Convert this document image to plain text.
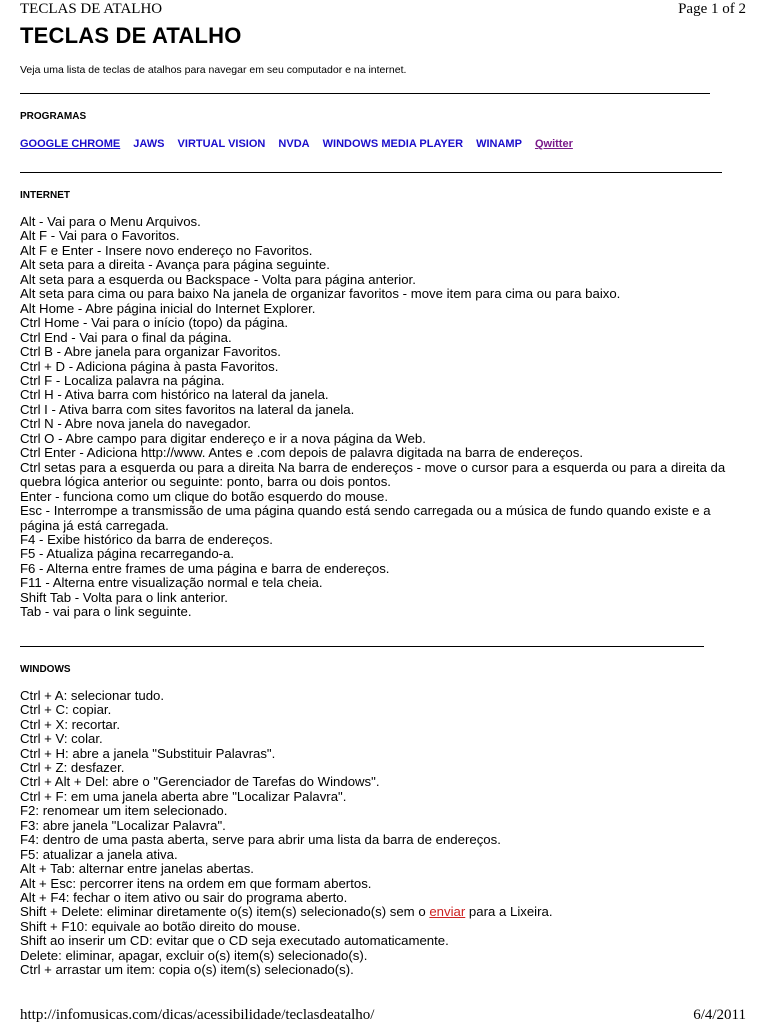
TECLAS DE ATALHO	Page 1 of 2
TECLAS DE ATALHO

Veja uma lista de teclas de atalhos para navegar em seu computador e na internet.

PROGRAMAS

GOOGLE CHROME JAWS VIRTUAL VISION NVDA WINDOWS MEDIA PLAYER WINAMP Qwitter

INTERNET

Alt - Vai para o Menu Arquivos.
Alt F - Vai para o Favoritos.
Alt F e Enter - Insere novo endereço no Favoritos.
Alt seta para a direita - Avança para página seguinte.
Alt seta para a esquerda ou Backspace - Volta para página anterior.
Alt seta para cima ou para baixo Na janela de organizar favoritos - move item para cima ou para baixo.
Alt Home - Abre página inicial do Internet Explorer.
Ctrl Home - Vai para o início (topo) da página.
Ctrl End - Vai para o final da página.
Ctrl B - Abre janela para organizar Favoritos.
Ctrl + D - Adiciona página à pasta Favoritos.
Ctrl F - Localiza palavra na página.
Ctrl H - Ativa barra com histórico na lateral da janela.
Ctrl I - Ativa barra com sites favoritos na lateral da janela.
Ctrl N - Abre nova janela do navegador.
Ctrl O - Abre campo para digitar endereço e ir a nova página da Web.
Ctrl Enter - Adiciona http://www. Antes e .com depois de palavra digitada na barra de endereços.
Ctrl setas para a esquerda ou para a direita Na barra de endereços - move o cursor para a esquerda ou para a direita da quebra lógica anterior ou seguinte: ponto, barra ou dois pontos.
Enter - funciona como um clique do botão esquerdo do mouse.
Esc - Interrompe a transmissão de uma página quando está sendo carregada ou a música de fundo quando existe e a página já está carregada.
F4 - Exibe histórico da barra de endereços.
F5 - Atualiza página recarregando-a.
F6 - Alterna entre frames de uma página e barra de endereços.
F11 - Alterna entre visualização normal e tela cheia.
Shift Tab - Volta para o link anterior.
Tab - vai para o link seguinte.

WINDOWS

Ctrl + A: selecionar tudo.
Ctrl + C: copiar.
Ctrl + X: recortar.
Ctrl + V: colar.
Ctrl + H: abre a janela "Substituir Palavras".
Ctrl + Z: desfazer.
Ctrl + Alt + Del: abre o "Gerenciador de Tarefas do Windows".
Ctrl + F: em uma janela aberta abre "Localizar Palavra".
F2: renomear um item selecionado.
F3: abre janela "Localizar Palavra".
F4: dentro de uma pasta aberta, serve para abrir uma lista da barra de endereços.
F5: atualizar a janela ativa.
Alt + Tab: alternar entre janelas abertas.
Alt + Esc: percorrer itens na ordem em que formam abertos.
Alt + F4: fechar o item ativo ou sair do programa aberto.
Shift + Delete: eliminar diretamente o(s) item(s) selecionado(s) sem o enviar para a Lixeira.
Shift + F10: equivale ao botão direito do mouse.
Shift ao inserir um CD: evitar que o CD seja executado automaticamente.
Delete: eliminar, apagar, excluir o(s) item(s) selecionado(s).
Ctrl + arrastar um item: copia o(s) item(s) selecionado(s).
http://infomusicas.com/dicas/acessibilidade/teclasdeatalho/	6/4/2011
